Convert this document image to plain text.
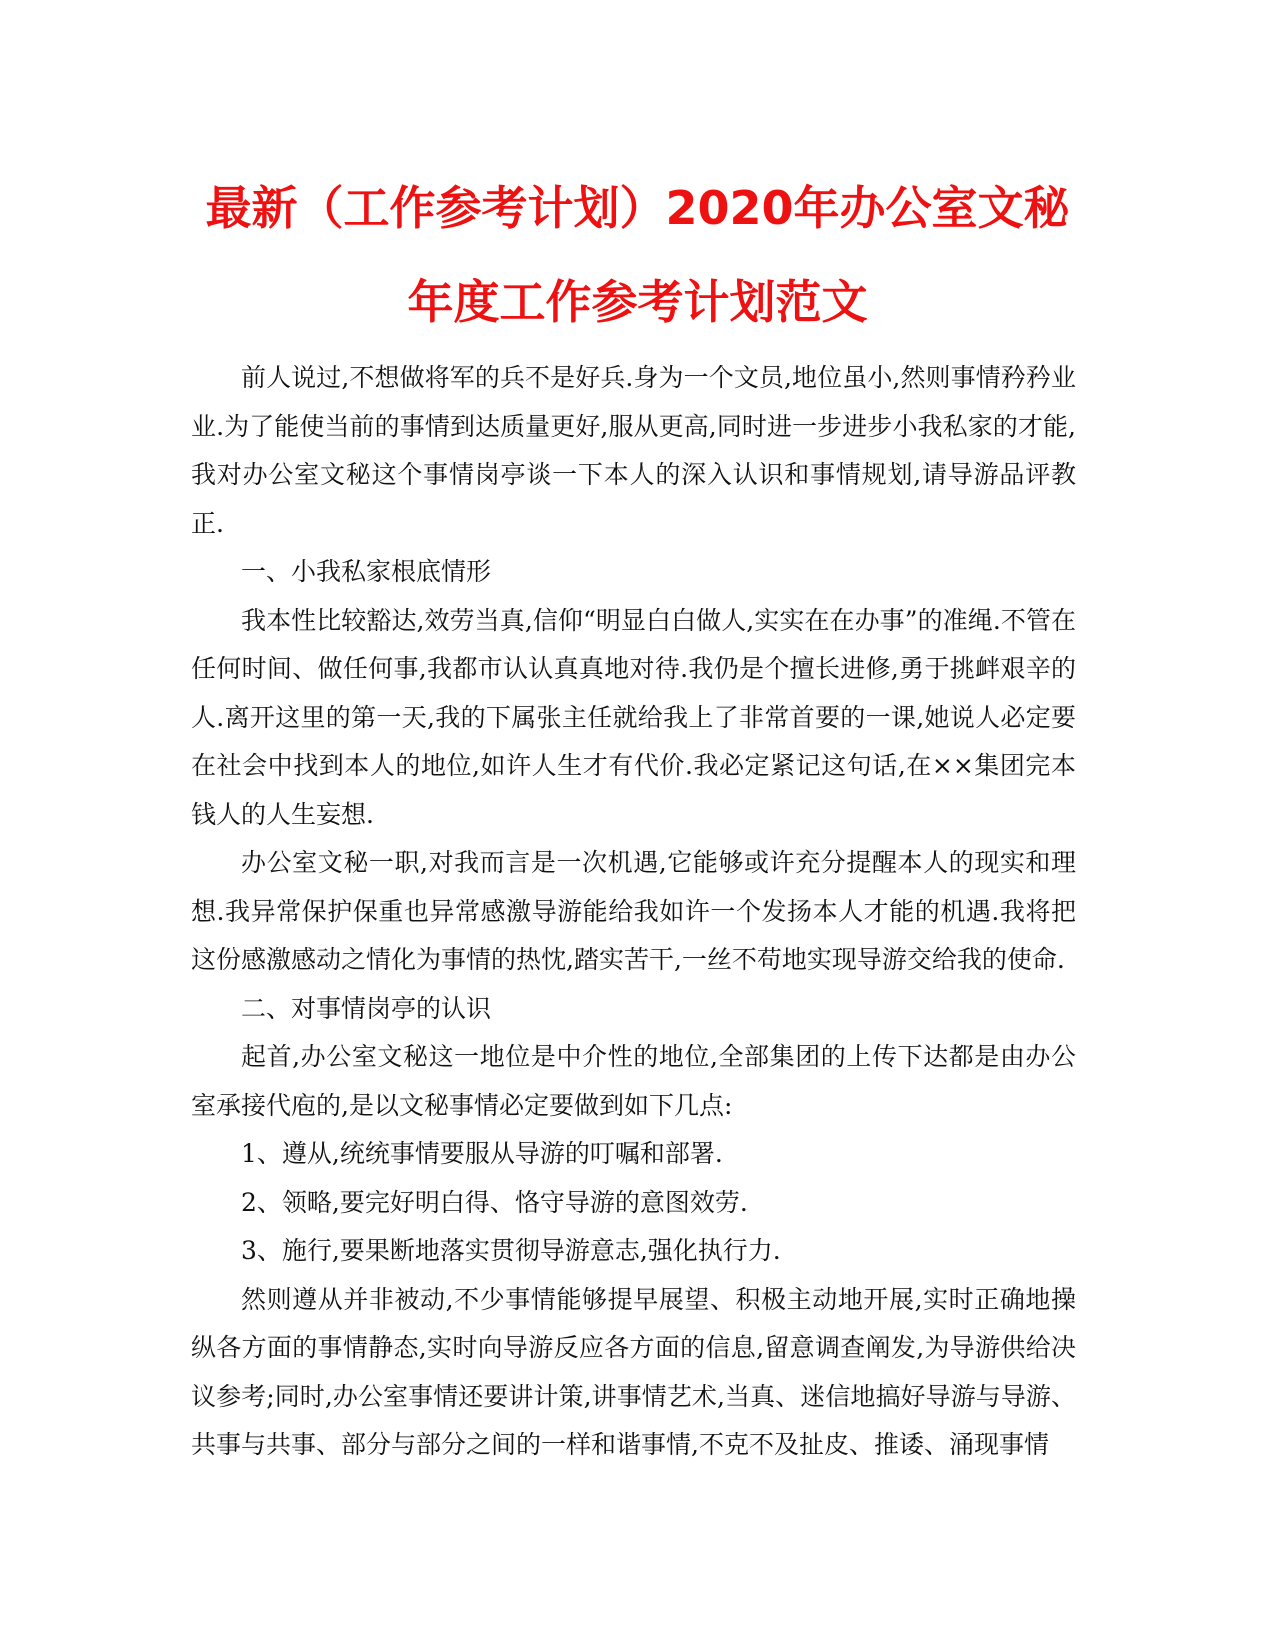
最新（工作参考计划）2020年办公室文秘
年度工作参考计划范文

前人说过,不想做将军的兵不是好兵.身为一个文员,地位虽小,然则事情矜矜业业.为了能使当前的事情到达质量更好,服从更高,同时进一步进步小我私家的才能,我对办公室文秘这个事情岗亭谈一下本人的深入认识和事情规划,请导游品评教正.

一、小我私家根底情形

我本性比较豁达,效劳当真,信仰“明显白白做人,实实在在办事”的准绳.不管在任何时间、做任何事,我都市认认真真地对待.我仍是个擅长进修,勇于挑衅艰辛的人.离开这里的第一天,我的下属张主任就给我上了非常首要的一课,她说人必定要在社会中找到本人的地位,如许人生才有代价.我必定紧记这句话,在××集团完本钱人的人生妄想.

办公室文秘一职,对我而言是一次机遇,它能够或许充分提醒本人的现实和理想.我异常保护保重也异常感激导游能给我如许一个发扬本人才能的机遇.我将把这份感激感动之情化为事情的热忱,踏实苦干,一丝不苟地实现导游交给我的使命.

二、对事情岗亭的认识

起首,办公室文秘这一地位是中介性的地位,全部集团的上传下达都是由办公室承接代庖的,是以文秘事情必定要做到如下几点:

1、遵从,统统事情要服从导游的叮嘱和部署.

2、领略,要完好明白得、恪守导游的意图效劳.

3、施行,要果断地落实贯彻导游意志,强化执行力.

然则遵从并非被动,不少事情能够提早展望、积极主动地开展,实时正确地操纵各方面的事情静态,实时向导游反应各方面的信息,留意调查阐发,为导游供给决议参考;同时,办公室事情还要讲计策,讲事情艺术,当真、迷信地搞好导游与导游、共事与共事、部分与部分之间的一样和谐事情,不克不及扯皮、推诿、涌现事情
